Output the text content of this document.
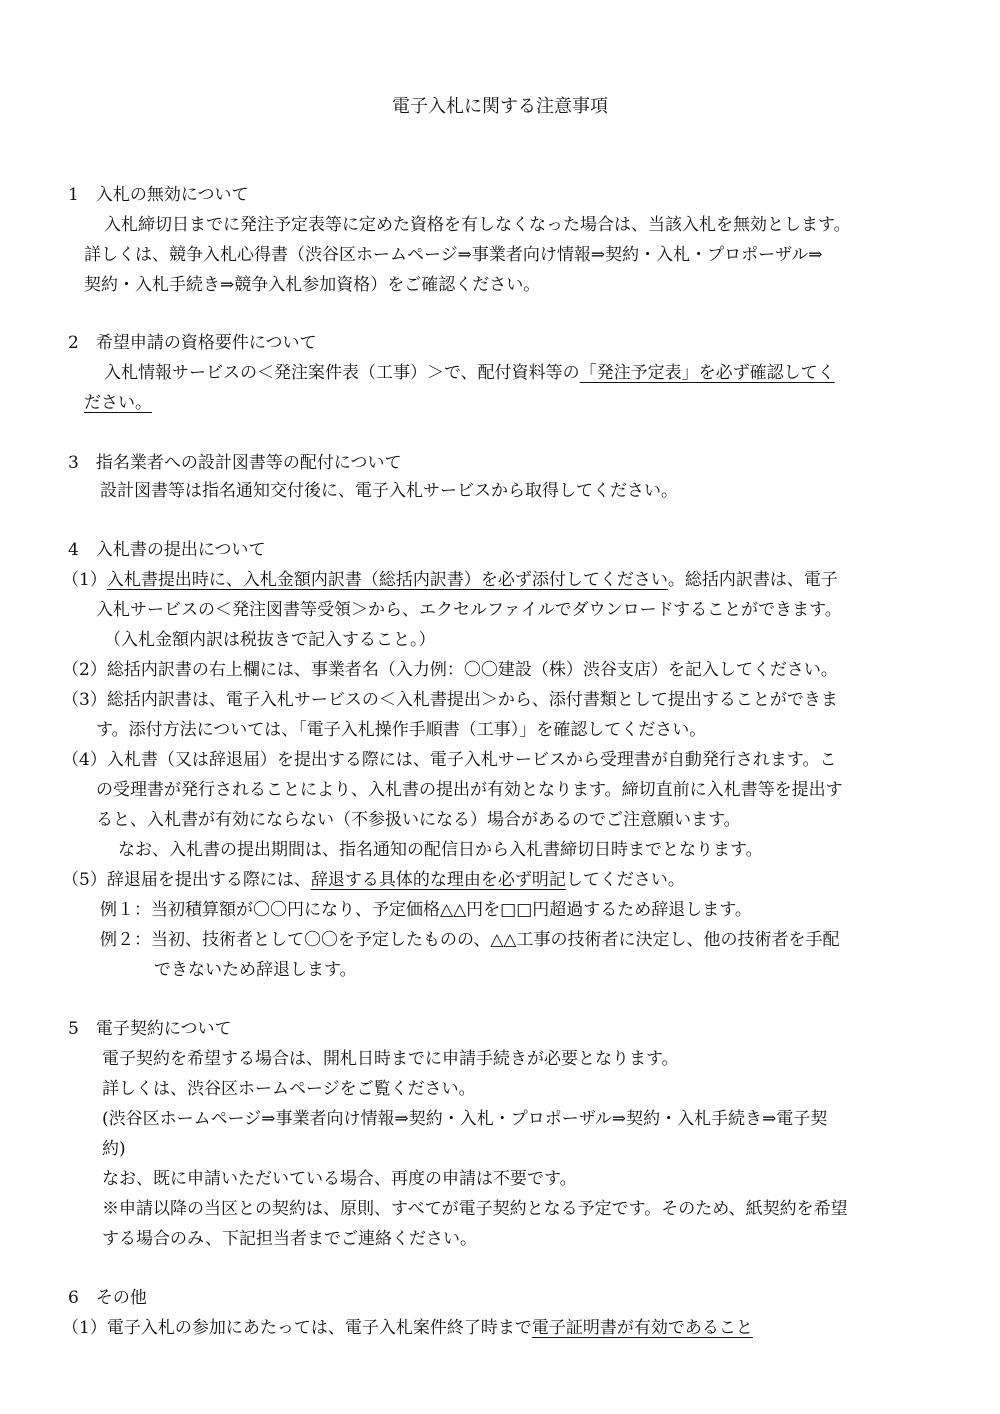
電子入札に関する注意事項
1　入札の無効について
入札締切日までに発注予定表等に定めた資格を有しなくなった場合は、当該入札を無効とします。
詳しくは、競争入札心得書（渋谷区ホームページ⇒事業者向け情報⇒契約・入札・プロポーザル⇒
契約・入札手続き⇒競争入札参加資格）をご確認ください。
2　希望申請の資格要件について
入札情報サービスの＜発注案件表（工事）＞で、配付資料等の「発注予定表」を必ず確認してく
ださい。
3　指名業者への設計図書等の配付について
設計図書等は指名通知交付後に、電子入札サービスから取得してください。
4　入札書の提出について
（1）入札書提出時に、入札金額内訳書（総括内訳書）を必ず添付してください。総括内訳書は、電子
入札サービスの＜発注図書等受領＞から、エクセルファイルでダウンロードすることができます。
（入札金額内訳は税抜きで記入すること。）
（2）総括内訳書の右上欄には、事業者名（入力例：〇〇建設（株）渋谷支店）を記入してください。
（3）総括内訳書は、電子入札サービスの＜入札書提出＞から、添付書類として提出することができま
す。添付方法については、「電子入札操作手順書（工事）」を確認してください。
（4）入札書（又は辞退届）を提出する際には、電子入札サービスから受理書が自動発行されます。こ
の受理書が発行されることにより、入札書の提出が有効となります。締切直前に入札書等を提出す
ると、入札書が有効にならない（不参扱いになる）場合があるのでご注意願います。
なお、入札書の提出期間は、指名通知の配信日から入札書締切日時までとなります。
（5）辞退届を提出する際には、辞退する具体的な理由を必ず明記してください。
例１：当初積算額が〇〇円になり、予定価格△△円を□□円超過するため辞退します。
例２：当初、技術者として〇〇を予定したものの、△△工事の技術者に決定し、他の技術者を手配
できないため辞退します。
5　電子契約について
電子契約を希望する場合は、開札日時までに申請手続きが必要となります。
詳しくは、渋谷区ホームページをご覧ください。
(渋谷区ホームページ⇒事業者向け情報⇒契約・入札・プロポーザル⇒契約・入札手続き⇒電子契
約)
なお、既に申請いただいている場合、再度の申請は不要です。
※申請以降の当区との契約は、原則、すべてが電子契約となる予定です。そのため、紙契約を希望
する場合のみ、下記担当者までご連絡ください。
6　その他
（1）電子入札の参加にあたっては、電子入札案件終了時まで電子証明書が有効であること
